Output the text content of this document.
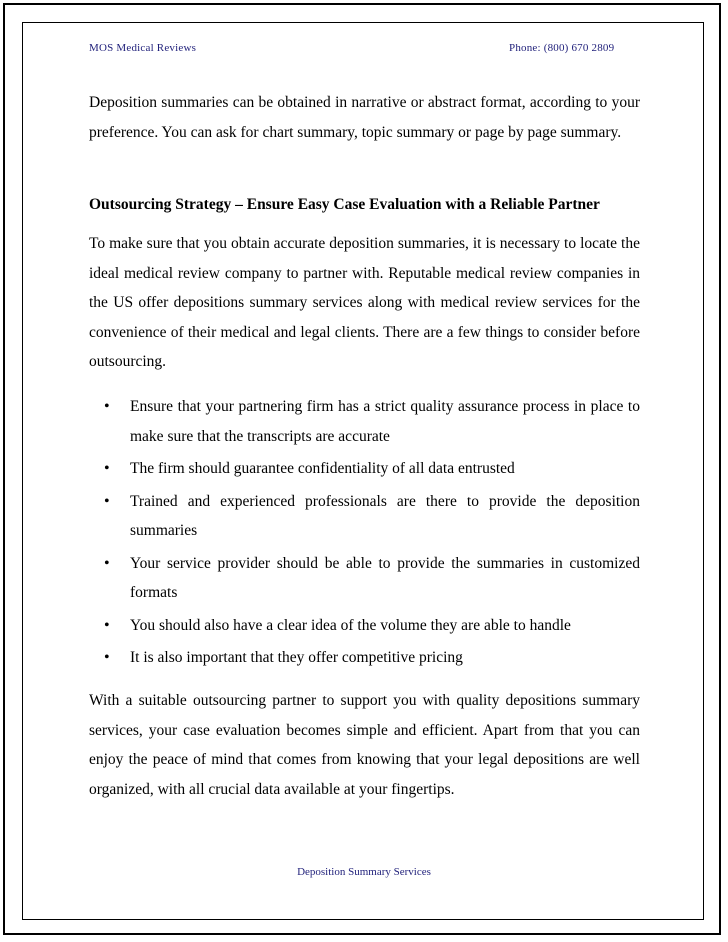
MOS Medical Reviews	Phone: (800) 670 2809

Deposition summaries can be obtained in narrative or abstract format, according to your preference. You can ask for chart summary, topic summary or page by page summary.

Outsourcing Strategy – Ensure Easy Case Evaluation with a Reliable Partner

To make sure that you obtain accurate deposition summaries, it is necessary to locate the ideal medical review company to partner with. Reputable medical review companies in the US offer depositions summary services along with medical review services for the convenience of their medical and legal clients. There are a few things to consider before outsourcing.

• Ensure that your partnering firm has a strict quality assurance process in place to make sure that the transcripts are accurate
• The firm should guarantee confidentiality of all data entrusted
• Trained and experienced professionals are there to provide the deposition summaries
• Your service provider should be able to provide the summaries in customized formats
• You should also have a clear idea of the volume they are able to handle
• It is also important that they offer competitive pricing

With a suitable outsourcing partner to support you with quality depositions summary services, your case evaluation becomes simple and efficient. Apart from that you can enjoy the peace of mind that comes from knowing that your legal depositions are well organized, with all crucial data available at your fingertips.

Deposition Summary Services
